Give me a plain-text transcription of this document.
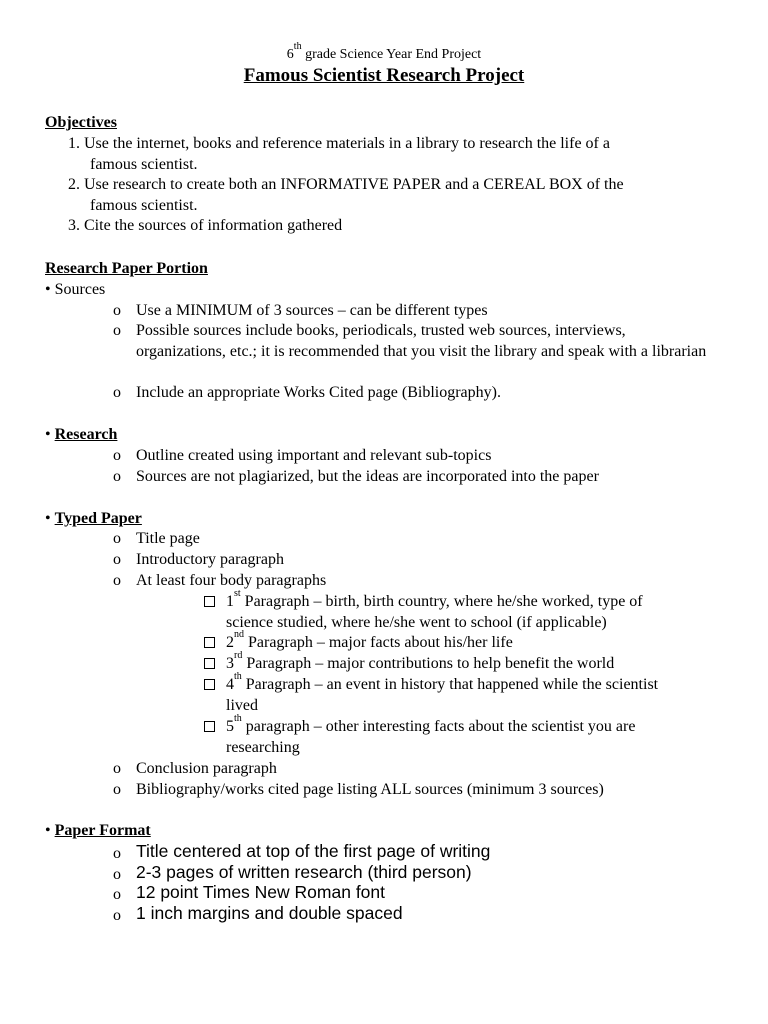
6th grade Science Year End Project
Famous Scientist Research Project
Objectives
1. Use the internet, books and reference materials in a library to research the life of a
famous scientist.
2. Use research to create both an INFORMATIVE PAPER and a CEREAL BOX of the
famous scientist.
3. Cite the sources of information gathered
Research Paper Portion
• Sources
o Use a MINIMUM of 3 sources – can be different types
o Possible sources include books, periodicals, trusted web sources, interviews, organizations, etc.; it is recommended that you visit the library and speak with a librarian
o Include an appropriate Works Cited page (Bibliography).
• Research
o Outline created using important and relevant sub-topics
o Sources are not plagiarized, but the ideas are incorporated into the paper
• Typed Paper
o Title page
o Introductory paragraph
o At least four body paragraphs
1st Paragraph – birth, birth country, where he/she worked, type of
science studied, where he/she went to school (if applicable)
2nd Paragraph – major facts about his/her life
3rd Paragraph – major contributions to help benefit the world
4th Paragraph – an event in history that happened while the scientist
lived
5th paragraph – other interesting facts about the scientist you are
researching
o Conclusion paragraph
o Bibliography/works cited page listing ALL sources (minimum 3 sources)
• Paper Format
o Title centered at top of the first page of writing
o 2-3 pages of written research (third person)
o 12 point Times New Roman font
o 1 inch margins and double spaced
